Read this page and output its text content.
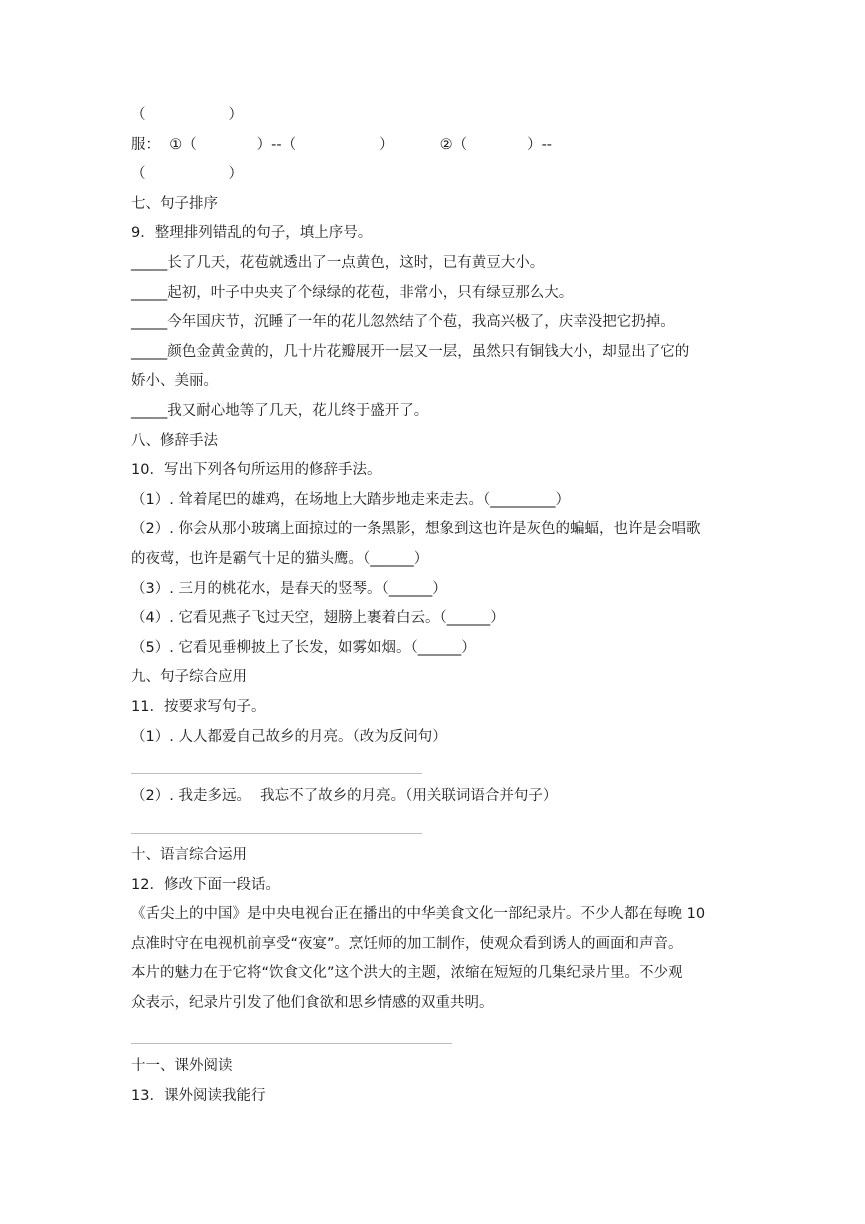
（                  ）
服：  ①（             ）--（                  ）          ②（             ）--
（                  ）
七、句子排序
9．整理排列错乱的句子，填上序号。
_____长了几天，花苞就透出了一点黄色，这时，已有黄豆大小。
_____起初，叶子中央夹了个绿绿的花苞，非常小，只有绿豆那么大。
_____今年国庆节，沉睡了一年的花儿忽然结了个苞，我高兴极了，庆幸没把它扔掉。
_____颜色金黄金黄的，几十片花瓣展开一层又一层，虽然只有铜钱大小，却显出了它的
娇小、美丽。
_____我又耐心地等了几天，花儿终于盛开了。
八、修辞手法
10．写出下列各句所运用的修辞手法。
（1）. 耸着尾巴的雄鸡，在场地上大踏步地走来走去。（_________）
（2）. 你会从那小玻璃上面掠过的一条黑影，想象到这也许是灰色的蝙蝠，也许是会唱歌
的夜莺，也许是霸气十足的猫头鹰。（______）
（3）. 三月的桃花水，是春天的竖琴。（______）
（4）. 它看见燕子飞过天空，翅膀上裹着白云。（______）
（5）. 它看见垂柳披上了长发，如雾如烟。（______）
九、句子综合应用
11．按要求写句子。
（1）. 人人都爱自己故乡的月亮。（改为反问句）
（2）. 我走多远。  我忘不了故乡的月亮。（用关联词语合并句子）
十、语言综合运用
12．修改下面一段话。
《舌尖上的中国》是中央电视台正在播出的中华美食文化一部纪录片。不少人都在每晚 10
点准时守在电视机前享受“夜宴”。烹饪师的加工制作，使观众看到诱人的画面和声音。
本片的魅力在于它将“饮食文化”这个洪大的主题，浓缩在短短的几集纪录片里。不少观
众表示，纪录片引发了他们食欲和思乡情感的双重共明。
十一、课外阅读
13．课外阅读我能行
